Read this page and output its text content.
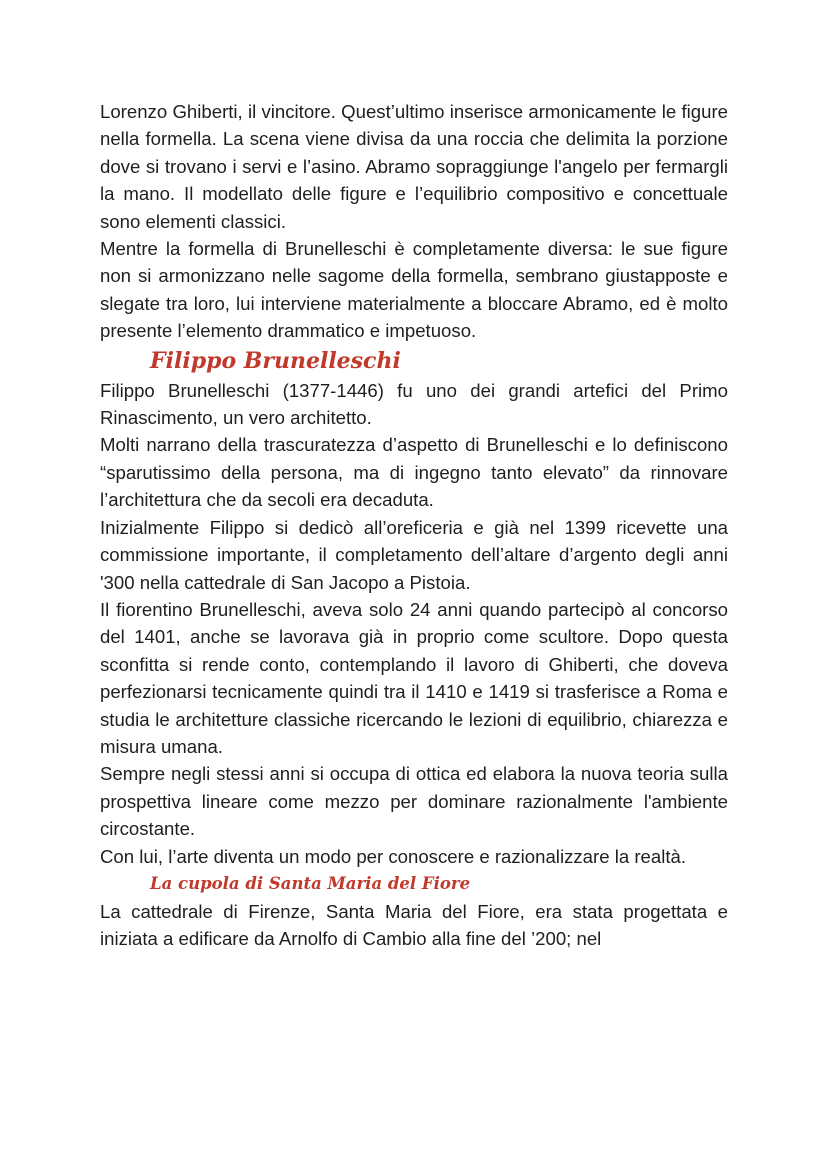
Lorenzo Ghiberti, il vincitore. Quest’ultimo inserisce armonicamente le figure nella formella. La scena viene divisa da una roccia che delimita la porzione dove si trovano i servi e l’asino. Abramo sopraggiunge l'angelo per fermargli la mano. Il modellato delle figure e l’equilibrio compositivo e concettuale sono elementi classici.

Mentre la formella di Brunelleschi è completamente diversa: le sue figure non si armonizzano nelle sagome della formella, sembrano giustapposte e slegate tra loro, lui interviene materialmente a bloccare Abramo, ed è molto presente l’elemento drammatico e impetuoso.

Filippo Brunelleschi

Filippo Brunelleschi (1377-1446) fu uno dei grandi artefici del Primo Rinascimento, un vero architetto.

Molti narrano della trascuratezza d’aspetto di Brunelleschi e lo definiscono “sparutissimo della persona, ma di ingegno tanto elevato” da rinnovare l’architettura che da secoli era decaduta.

Inizialmente Filippo si dedicò all’oreficeria e già nel 1399 ricevette una commissione importante, il completamento dell’altare d’argento degli anni '300 nella cattedrale di San Jacopo a Pistoia.

Il fiorentino Brunelleschi, aveva solo 24 anni quando partecipò al concorso del 1401, anche se lavorava già in proprio come scultore. Dopo questa sconfitta si rende conto, contemplando il lavoro di Ghiberti, che doveva perfezionarsi tecnicamente quindi tra il 1410 e 1419 si trasferisce a Roma e studia le architetture classiche ricercando le lezioni di equilibrio, chiarezza e misura umana.

Sempre negli stessi anni si occupa di ottica ed elabora la nuova teoria sulla prospettiva lineare come mezzo per dominare razionalmente l'ambiente circostante.

Con lui, l’arte diventa un modo per conoscere e razionalizzare la realtà.

La cupola di Santa Maria del Fiore

La cattedrale di Firenze, Santa Maria del Fiore, era stata progettata e iniziata a edificare da Arnolfo di Cambio alla fine del ’200; nel
